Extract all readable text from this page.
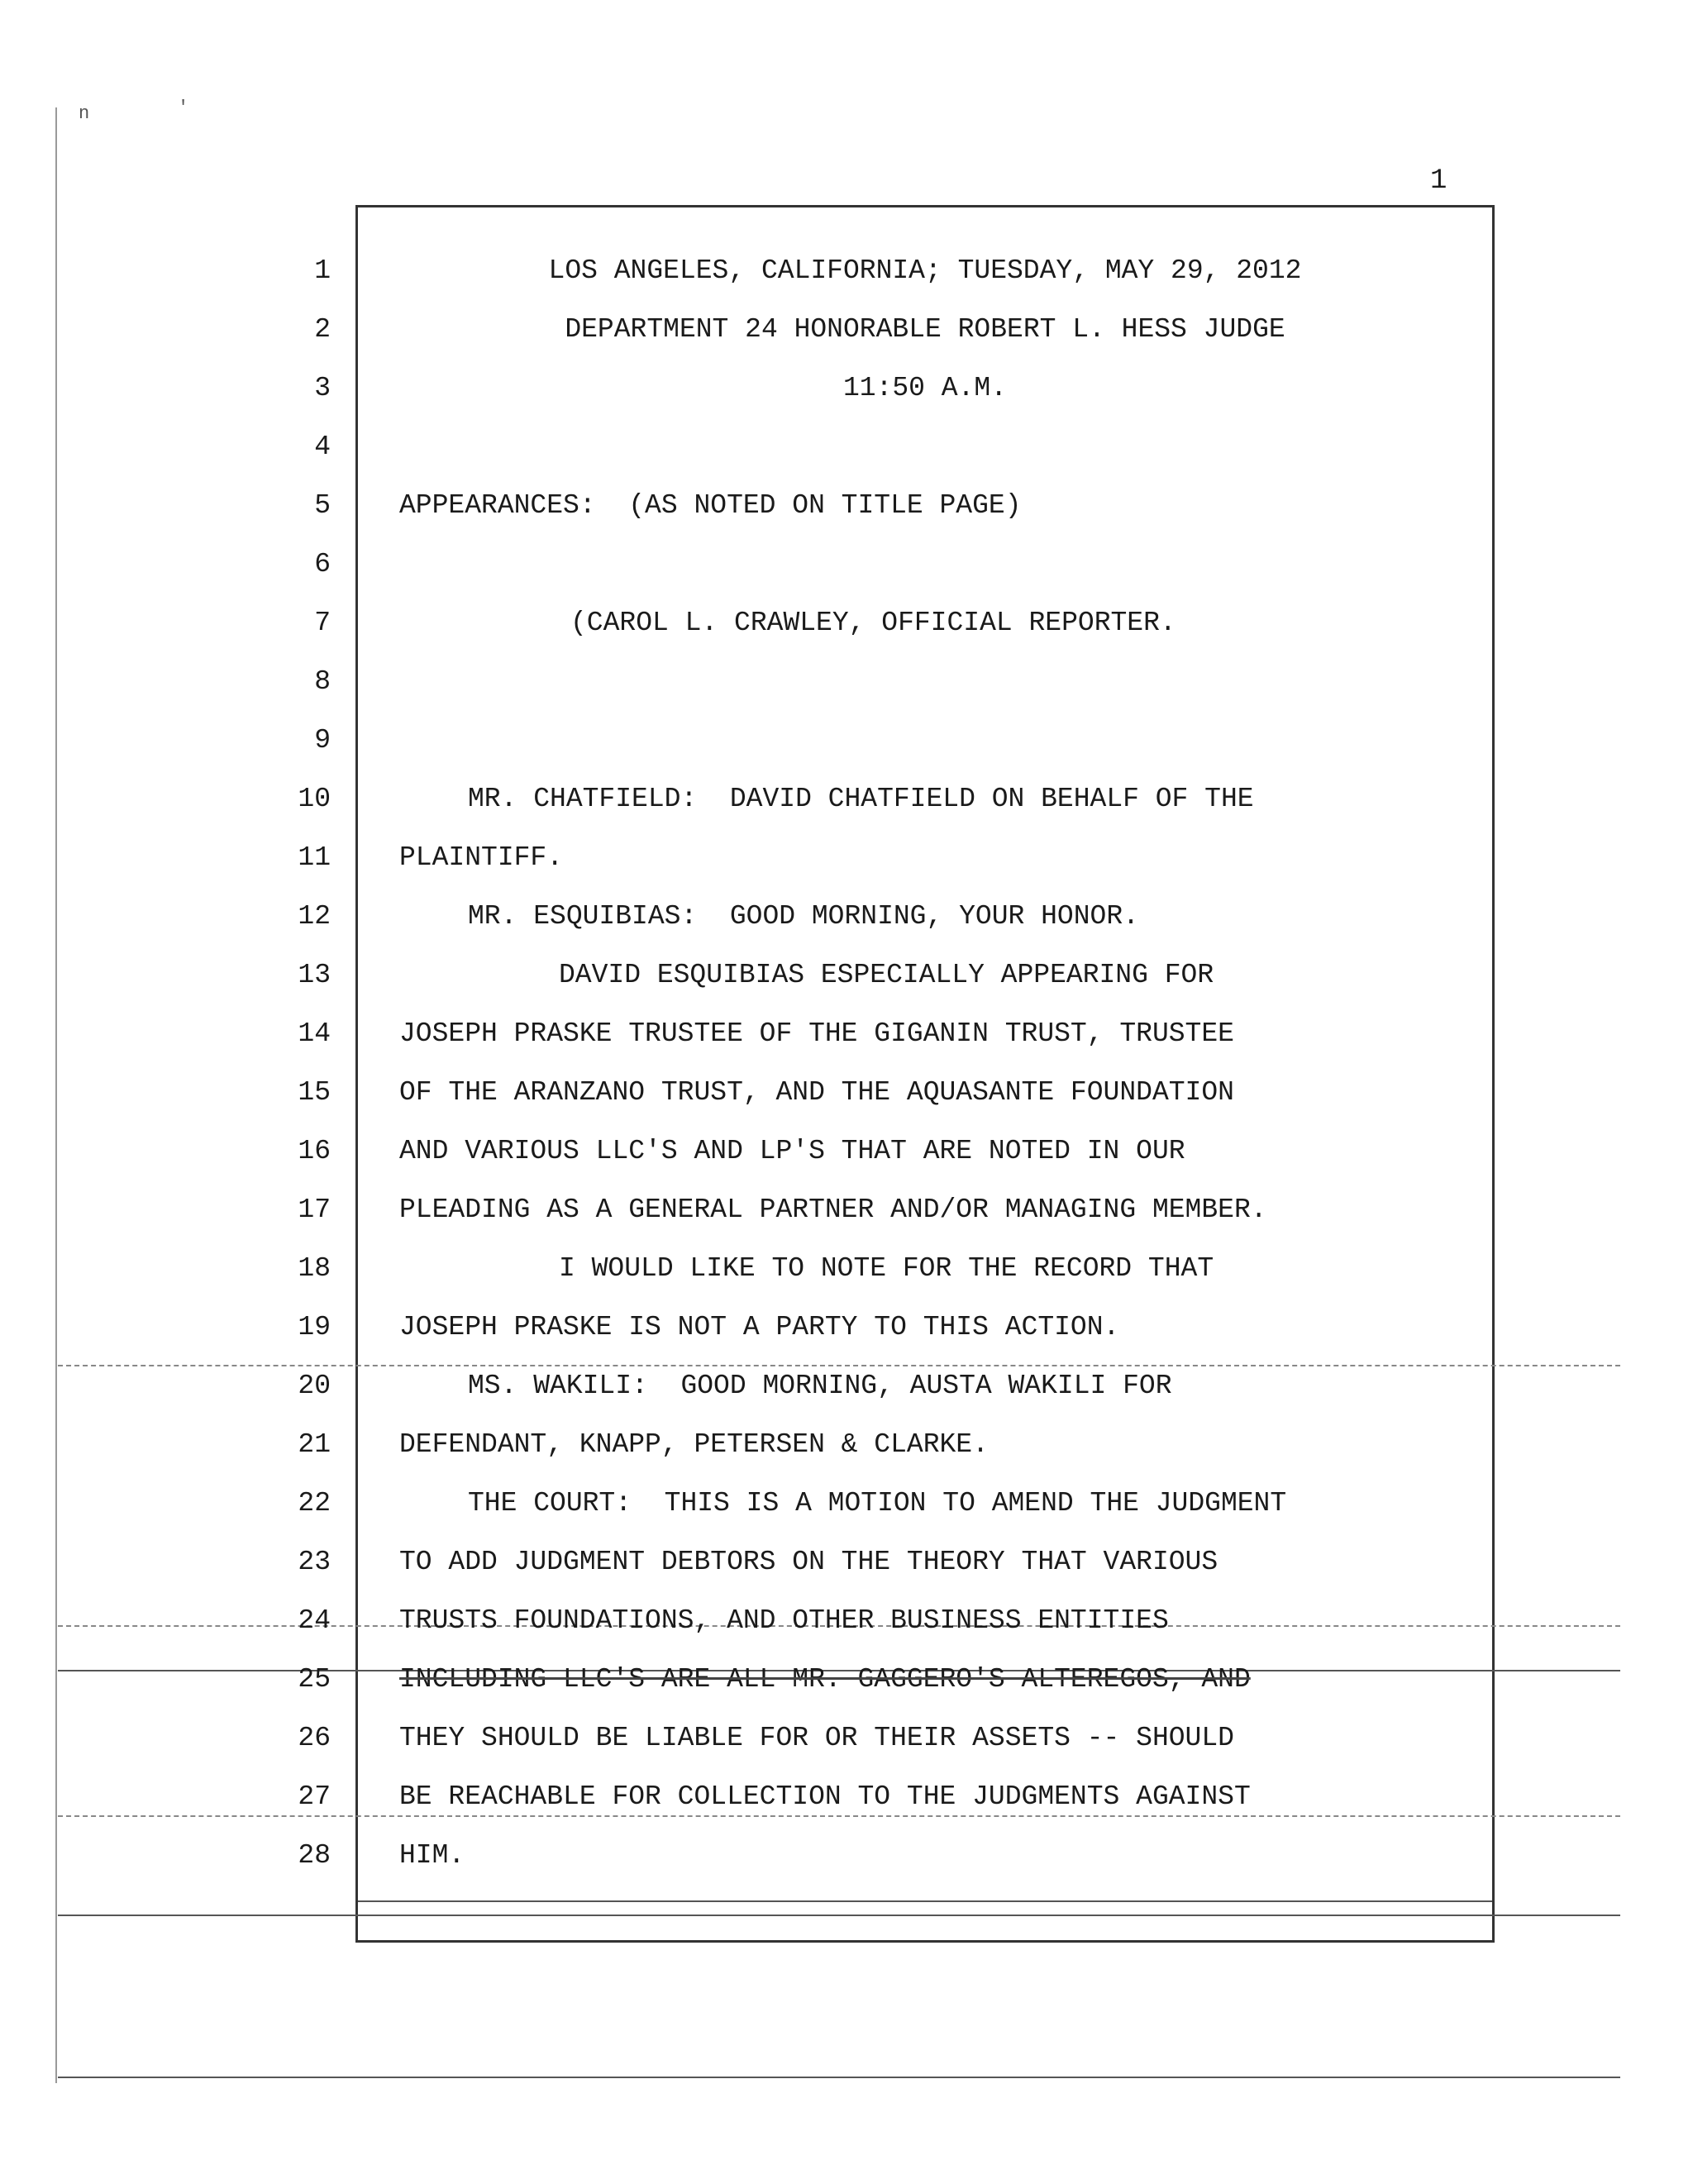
n	'
1
1	LOS ANGELES, CALIFORNIA; TUESDAY, MAY 29, 2012
2	DEPARTMENT 24 HONORABLE ROBERT L. HESS JUDGE
3	11:50 A.M.
4
5	APPEARANCES:  (AS NOTED ON TITLE PAGE)
6
7	(CAROL L. CRAWLEY, OFFICIAL REPORTER.
8
9
10	MR. CHATFIELD:  DAVID CHATFIELD ON BEHALF OF THE
11	PLAINTIFF.
12	MR. ESQUIBIAS:  GOOD MORNING, YOUR HONOR.
13	DAVID ESQUIBIAS ESPECIALLY APPEARING FOR
14	JOSEPH PRASKE TRUSTEE OF THE GIGANIN TRUST, TRUSTEE
15	OF THE ARANZANO TRUST, AND THE AQUASANTE FOUNDATION
16	AND VARIOUS LLC'S AND LP'S THAT ARE NOTED IN OUR
17	PLEADING AS A GENERAL PARTNER AND/OR MANAGING MEMBER.
18	I WOULD LIKE TO NOTE FOR THE RECORD THAT
19	JOSEPH PRASKE IS NOT A PARTY TO THIS ACTION.
20	MS. WAKILI:  GOOD MORNING, AUSTA WAKILI FOR
21	DEFENDANT, KNAPP, PETERSEN & CLARKE.
22	THE COURT:  THIS IS A MOTION TO AMEND THE JUDGMENT
23	TO ADD JUDGMENT DEBTORS ON THE THEORY THAT VARIOUS
24	TRUSTS FOUNDATIONS, AND OTHER BUSINESS ENTITIES
25	INCLUDING LLC'S ARE ALL MR. GAGGERO'S ALTEREGOS, AND
26	THEY SHOULD BE LIABLE FOR OR THEIR ASSETS -- SHOULD
27	BE REACHABLE FOR COLLECTION TO THE JUDGMENTS AGAINST
28	HIM.
